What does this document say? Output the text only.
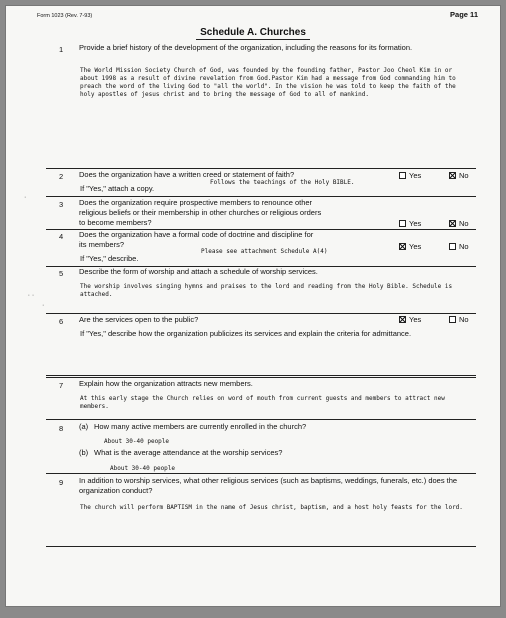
Form 1023 (Rev. 7-93)	Page 11
Schedule A. Churches
1 Provide a brief history of the development of the organization, including the reasons for its formation.
The World Mission Society Church of God, was founded by the founding father, Pastor Joo Cheol Kim in or about 1998 as a result of divine revelation from God.Pastor Kim had a message from God commanding him to preach the word of the living God to "all the world". In the vision he was told to keep the faith of the holy apostles of jesus christ and to bring the message of God to all of mankind.
2 Does the organization have a written creed or statement of faith?
Follows the teachings of the Holy BIBLE.
If "Yes," attach a copy.
Yes	No
3 Does the organization require prospective members to renounce other
religious beliefs or their membership in other churches or religious orders
to become members?	Yes	No
4 Does the organization have a formal code of doctrine and discipline for
its members?
Please see attachment Schedule A(4)
If "Yes," describe.
Yes	No
5 Describe the form of worship and attach a schedule of worship services.
The worship involves singing hymns and praises to the lord and reading from the Holy Bible. Schedule is attached.
6 Are the services open to the public?	Yes	No
If "Yes," describe how the organization publicizes its services and explain the criteria for admittance.
7 Explain how the organization attracts new members.
At this early stage the Church relies on word of mouth from current guests and members to attract new members.
8 (a) How many active members are currently enrolled in the church?
About 30-40 people
(b) What is the average attendance at the worship services?
About 30-40 people
9 In addition to worship services, what other religious services (such as baptisms, weddings, funerals, etc.) does the organization conduct?
The church will perform BAPTISM in the name of Jesus christ, baptism, and a host holy feasts for the lord.
·
∙ ·
·
